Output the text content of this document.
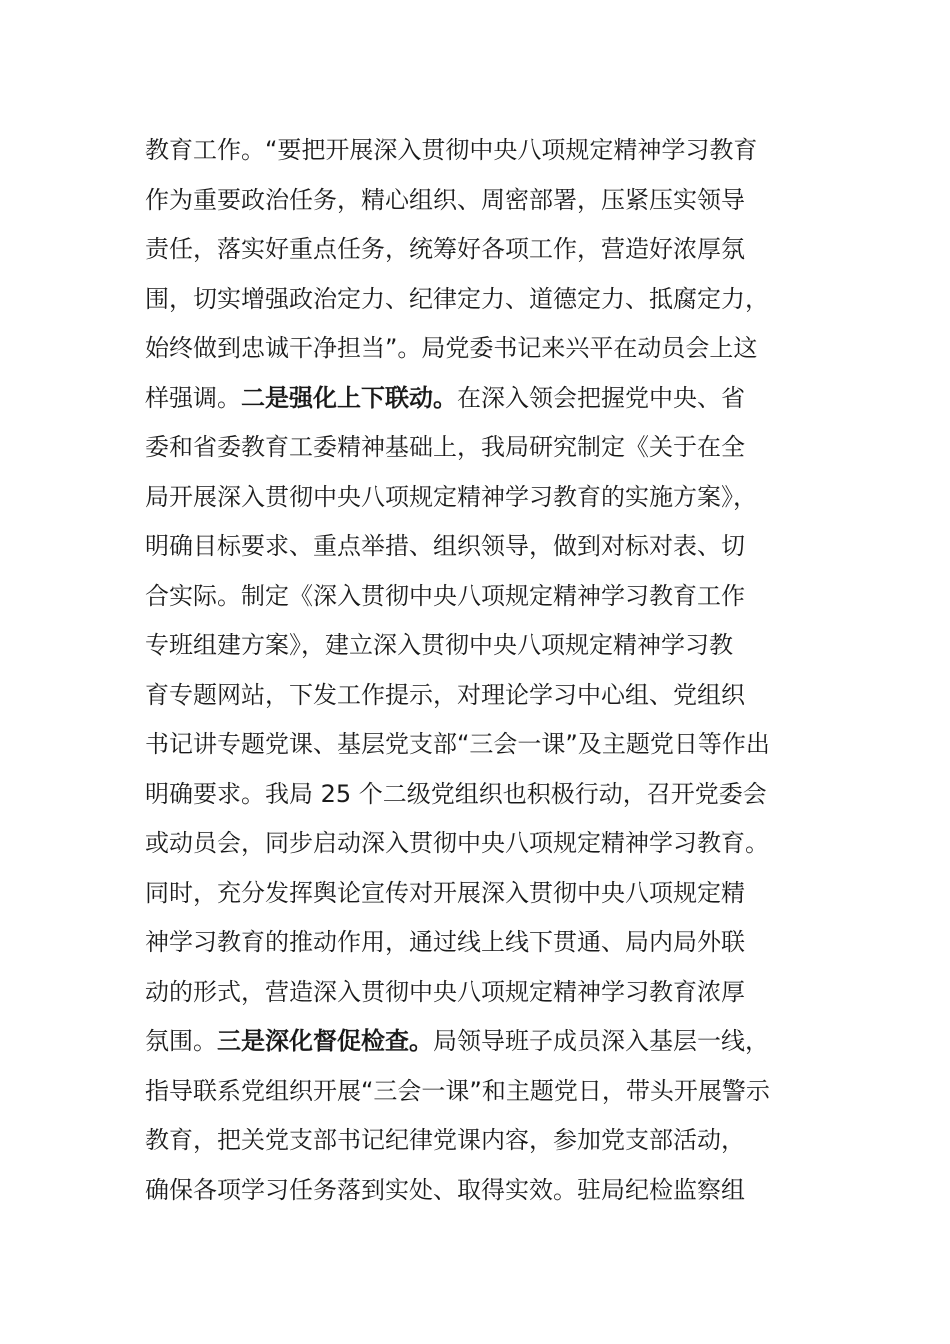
教育工作。“要把开展深入贯彻中央八项规定精神学习教育
作为重要政治任务，精心组织、周密部署，压紧压实领导
责任，落实好重点任务，统筹好各项工作，营造好浓厚氛
围，切实增强政治定力、纪律定力、道德定力、抵腐定力，
始终做到忠诚干净担当”。局党委书记来兴平在动员会上这
样强调。二是强化上下联动。在深入领会把握党中央、省
委和省委教育工委精神基础上，我局研究制定《关于在全
局开展深入贯彻中央八项规定精神学习教育的实施方案》，
明确目标要求、重点举措、组织领导，做到对标对表、切
合实际。制定《深入贯彻中央八项规定精神学习教育工作
专班组建方案》，建立深入贯彻中央八项规定精神学习教
育专题网站，下发工作提示，对理论学习中心组、党组织
书记讲专题党课、基层党支部“三会一课”及主题党日等作出
明确要求。我局 25 个二级党组织也积极行动，召开党委会
或动员会，同步启动深入贯彻中央八项规定精神学习教育。
同时，充分发挥舆论宣传对开展深入贯彻中央八项规定精
神学习教育的推动作用，通过线上线下贯通、局内局外联
动的形式，营造深入贯彻中央八项规定精神学习教育浓厚
氛围。三是深化督促检查。局领导班子成员深入基层一线，
指导联系党组织开展“三会一课”和主题党日，带头开展警示
教育，把关党支部书记纪律党课内容，参加党支部活动，
确保各项学习任务落到实处、取得实效。驻局纪检监察组
